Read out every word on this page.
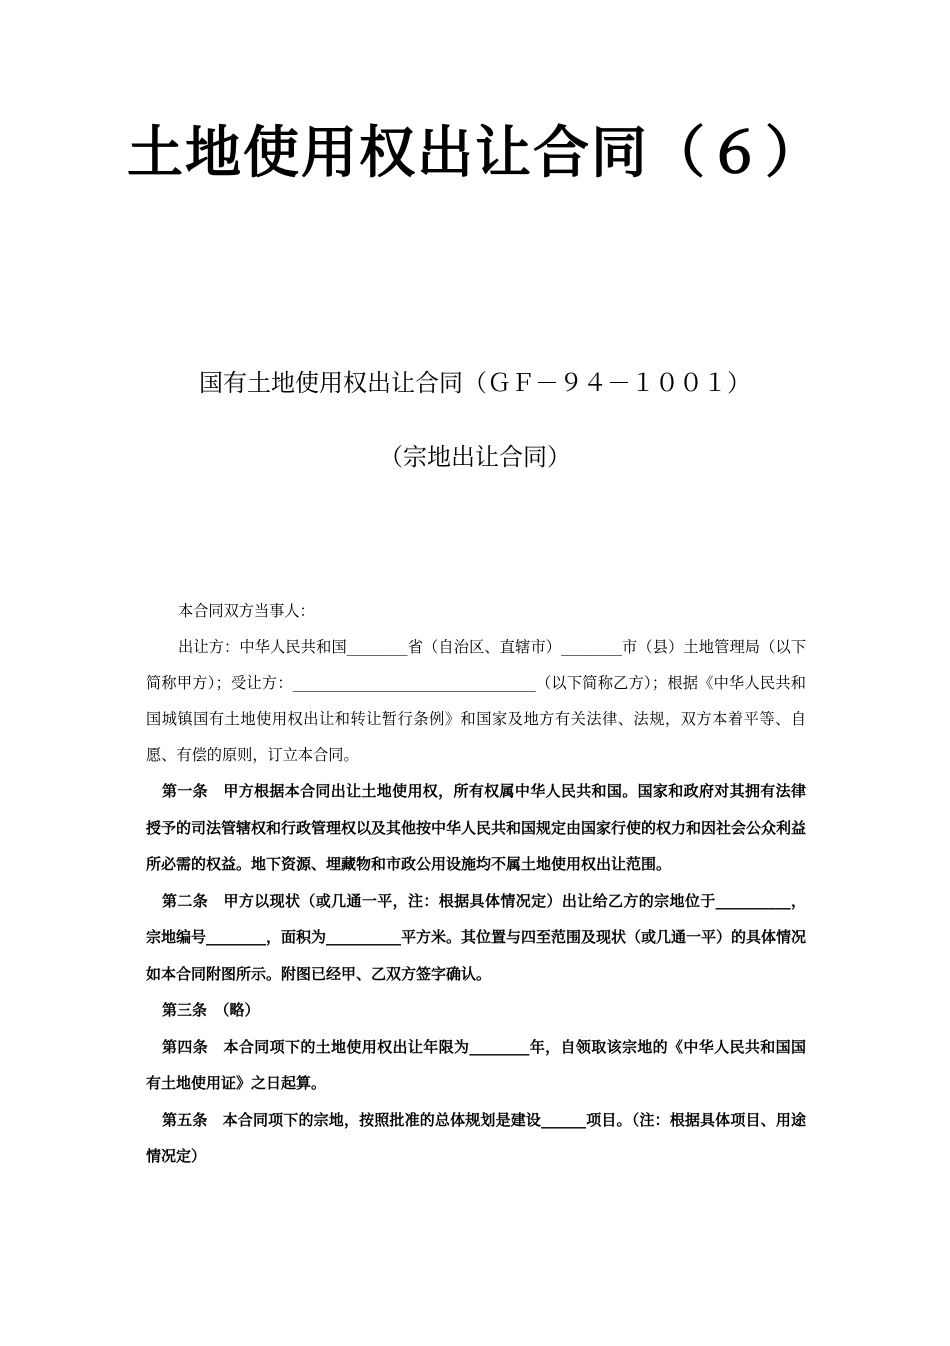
土地使用权出让合同（６）
国有土地使用权出让合同（ＧＦ－９４－１００１）
（宗地出让合同）

本合同双方当事人：

出让方：中华人民共和国________省（自治区、直辖市）________市（县）土地管理局（以下简称甲方）；受让方：________________________________（以下简称乙方）；根据《中华人民共和国城镇国有土地使用权出让和转让暂行条例》和国家及地方有关法律、法规，双方本着平等、自愿、有偿的原则，订立本合同。

第一条　甲方根据本合同出让土地使用权，所有权属中华人民共和国。国家和政府对其拥有法律授予的司法管辖权和行政管理权以及其他按中华人民共和国规定由国家行使的权力和因社会公众利益所必需的权益。地下资源、埋藏物和市政公用设施均不属土地使用权出让范围。

第二条　甲方以现状（或几通一平，注：根据具体情况定）出让给乙方的宗地位于__________，宗地编号________，面积为__________平方米。其位置与四至范围及现状（或几通一平）的具体情况如本合同附图所示。附图已经甲、乙双方签字确认。

第三条　（略）

第四条　本合同项下的土地使用权出让年限为________年，自领取该宗地的《中华人民共和国国有土地使用证》之日起算。

第五条　本合同项下的宗地，按照批准的总体规划是建设______项目。（注：根据具体项目、用途情况定）
